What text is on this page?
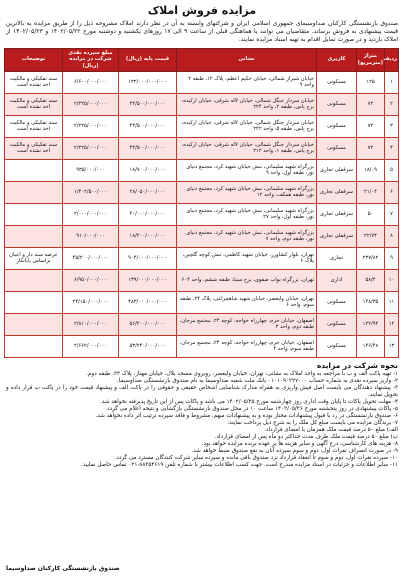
مزایده فروش املاک
صندوق بازنشستگی کارکنان صداوسیمای جمهوری اسلامی ایران و شرکتهای وابسته به آن در نظر دارند املاک مشروحه ذیل را از طریق مزایده به بالاترین قیمت پیشنهادی به فروش برساند. متقاضیان می توانند با هماهنگی قبلی از ساعت ۹ الی ۱۷ روزهای یکشنبه و دوشنبه مورخ ۱۴۰۲/۰۵/۲۲ و ۱۴۰۲/۰۵/۲۳ از املاک بازدید و در صورت تمایل اقدام به تهیه اسناد مزایده نمایند.
ردیف	متراژ (مترمربع)	کاربری	نشانی	قیمت پایه (ریال)	مبلغ سپرده نقدی شرکت در مزایده (ریال)	توضیحات
۱	۱۲۵	مسکونی	خیابان شیراز شمالی، خیابان حکیم اعظم، پلاک ۱۲، طبقه ۲ واحد ۹	۱۳۲/۰۰۰/۰۰۰/۰۰۰	۶/۶۰۰/۰۰۰/۰۰۰	سند تفکیکی و مالکیت اخذ نشده است
۲	۷۲	مسکونی	خیابان سردار جنگل شمالی، خیابان لاله شرقی، خیابان ارکیده، برج پاس، طبقه ۲، واحد ۲۲۴	۴۴/۵۰۰/۰۰۰/۰۰۰	۲/۲۲۵/۰۰۰/۰۰۰	سند تفکیکی و مالکیت اخذ نشده است
۳	۷۲	مسکونی	خیابان سردار جنگل شمالی، خیابان لاله شرقی، خیابان ارکیده، برج پاس، طبقه ۵، واحد ۲۴۲	۴۴/۵۰۰/۰۰۰/۰۰۰	۲/۲۲۵/۰۰۰/۰۰۰	سند تفکیکی و مالکیت اخذ نشده است
۴	۷۲	مسکونی	خیابان سردار جنگل شمالی، خیابان لاله شرقی، خیابان ارکیده، برج پاس، طبقه ۱، واحد ۲۱۲	۴۴/۵۰۰/۰۰۰/۰۰۰	۲/۲۲۵/۰۰۰/۰۰۰	سند تفکیکی و مالکیت اخذ نشده است
۵	۱۸/۰۹	سرقفلی تجاری	بزرگراه شهید سلیمانی، نبش خیابان شهید کرد، مجتمع دنیای نور، طبقه اول، واحد ۹	۱۸/۷۰۰/۰۰۰/۰۰۰	۹۳۵/۰۰۰/۰۰۰	
۶	۲۱/۰۴	سرقفلی تجاری	بزرگراه شهید سلیمانی، نبش خیابان شهید کرد، مجتمع دنیای نور، طبقه همکف، واحد ۱۲	۲۸/۰۵۰/۰۰۰/۰۰۰	۱/۴۰۲/۵۰۰/۰۰۰	
۷	۵۰	سرقفلی تجاری	بزرگراه شهید سلیمانی، نبش خیابان شهید کرد، مجتمع دنیای نور، طبقه اول، واحد ۲۷	۴۰/۰۰۰/۰۰۰/۰۰۰	۲/۰۰۰/۰۰۰/۰۰۰	
۸	۲۲/۷۴	سرقفلی تجاری	بزرگراه شهید سلیمانی، نبش خیابان شهید کرد، مجتمع دنیای نور، طبقه دوم، واحد ۷	۱۸/۲۰۰/۰۰۰/۰۰۰	۹۱۰/۰۰۰/۰۰۰	
۹	۲۳۷/۸۲	تجاری	تهران، بلوار کشاورز، خیابان شهید کاظمی، نبش کوچه گلچین، پلاک ۶	۹۰۴/۰۰۰/۰۰۰/۰۰۰	۴۵/۲۰۰/۰۰۰/۰۰۰	عرصه سند دار و اعیان براساس پایانکار
۱۰	۵۸/۲	اداری	تهران، بزرگراه نواب صفوی، برج سینا، طبقه ششم، واحد ۶۰۴	۱۳۹/۰۰۰/۰۰۰/۰۰۰	۶/۹۵۰/۰۰۰/۰۰۰	
۱۱	۱۴۸/۳۵	مسکونی	تهران، خیابان ولیعصر، خیابان شهید شاهچراغی، پلاک ۲۴، طبقه سوم، واحد ۶	۴۸۳/۰۰۰/۰۰۰/۰۰۰	۲۴/۱۵۰/۰۰۰/۰۰۰	
۱۲	۱۲۲/۹۲	مسکونی	اصفهان، خیابان خرم، چهارراه خواجه، کوچه ۲۴، مجتمع مرجان، طبقه دوم، واحد ۳	۵۶/۲۰۰/۰۰۰/۰۰۰	۲/۸۱۰/۰۰۰/۰۰۰	
۱۳	۱۴۶/۴۸	مسکونی	اصفهان، خیابان خرم، چهارراه خواجه، کوچه ۲۴، مجتمع مرجان، طبقه سوم، واحد ۴	۵۳/۲۴۰/۰۰۰/۰۰۰	۲/۶۶۲/۰۰۰/۰۰۰	
نحوه شرکت در مزایده
۱- تهیه پاکت الف و ب با مراجعه به واحد املاک به نشانی: تهران، خیابان ولیعصر، روبروی مسجد بلال، خیابان مهناز، پلاک ۲۳، طبقه دوم.
۲- واریز سپرده نقدی به شماره حساب ۰۱۰۱۰۹۰۲۲۷۰۰۰ بانک ملت شعبه صداوسیما به نام صندوق بازنشستگی صداوسیما.
۳- پیشنهاد دهندگان می بایست اصل فیش واریزی به همراه مدارک شناسایی اشخاص حقیقی و حقوقی را در پاکت الف و پیشنهاد قیمت خود را در پاکت ب قرار داده و تحویل نمایند.
۴- مهلت تحویل پاکات تا پایان وقت اداری روز چهارشنبه مورخ ۱۴۰۲/۰۵/۲۵ می باشد و پاکات پس از این تاریخ پذیرفته نخواهد شد.
۵- پاکات پیشنهادی در روز پنجشنبه مورخ ۱۴۰۲/۰۵/۲۶ ساعت ۱۰ در محل صندوق بازنشستگی بازگشایی و نتیجه اعلام می گردد.
۶- صندوق بازنشستگی در رد یا قبول پیشنهادات مختار بوده و به پیشنهادات مبهم، مشروط و فاقد سپرده ترتیب اثر داده نخواهد شد.
۷- برندگان مزایده می بایست مبلغ کل ملک را به شرح ذیل پرداخت نمایند:
الف) مبلغ ۵۰ درصد قیمت ملک همزمان با امضای قرارداد.
ب) مبلغ ۵۰ درصد قیمت ملک ظرف مدت حداکثر دو ماه پس از امضای قرارداد.
۸- هزینه های کارشناسی، درج آگهی و سایر هزینه ها بر عهده برنده مزایده خواهد بود.
۹- در صورت انصراف نفرات اول، دوم و سوم سپرده آنان به نفع صندوق ضبط خواهد شد.
۱۰- سپرده نفرات اول، دوم و سوم تا انعقاد قرارداد نزد صندوق باقی مانده و سپرده سایر شرکت کنندگان مسترد می گردد.
۱۱- سایر اطلاعات و جزئیات در اسناد مزایده مندرج است. جهت کسب اطلاعات بیشتر با شماره تلفن ۸۸۳۵۴۶۱۹-۰۲۱ تماس حاصل نمایید.
صندوق بازنشستگی کارکنان صداوسیما
